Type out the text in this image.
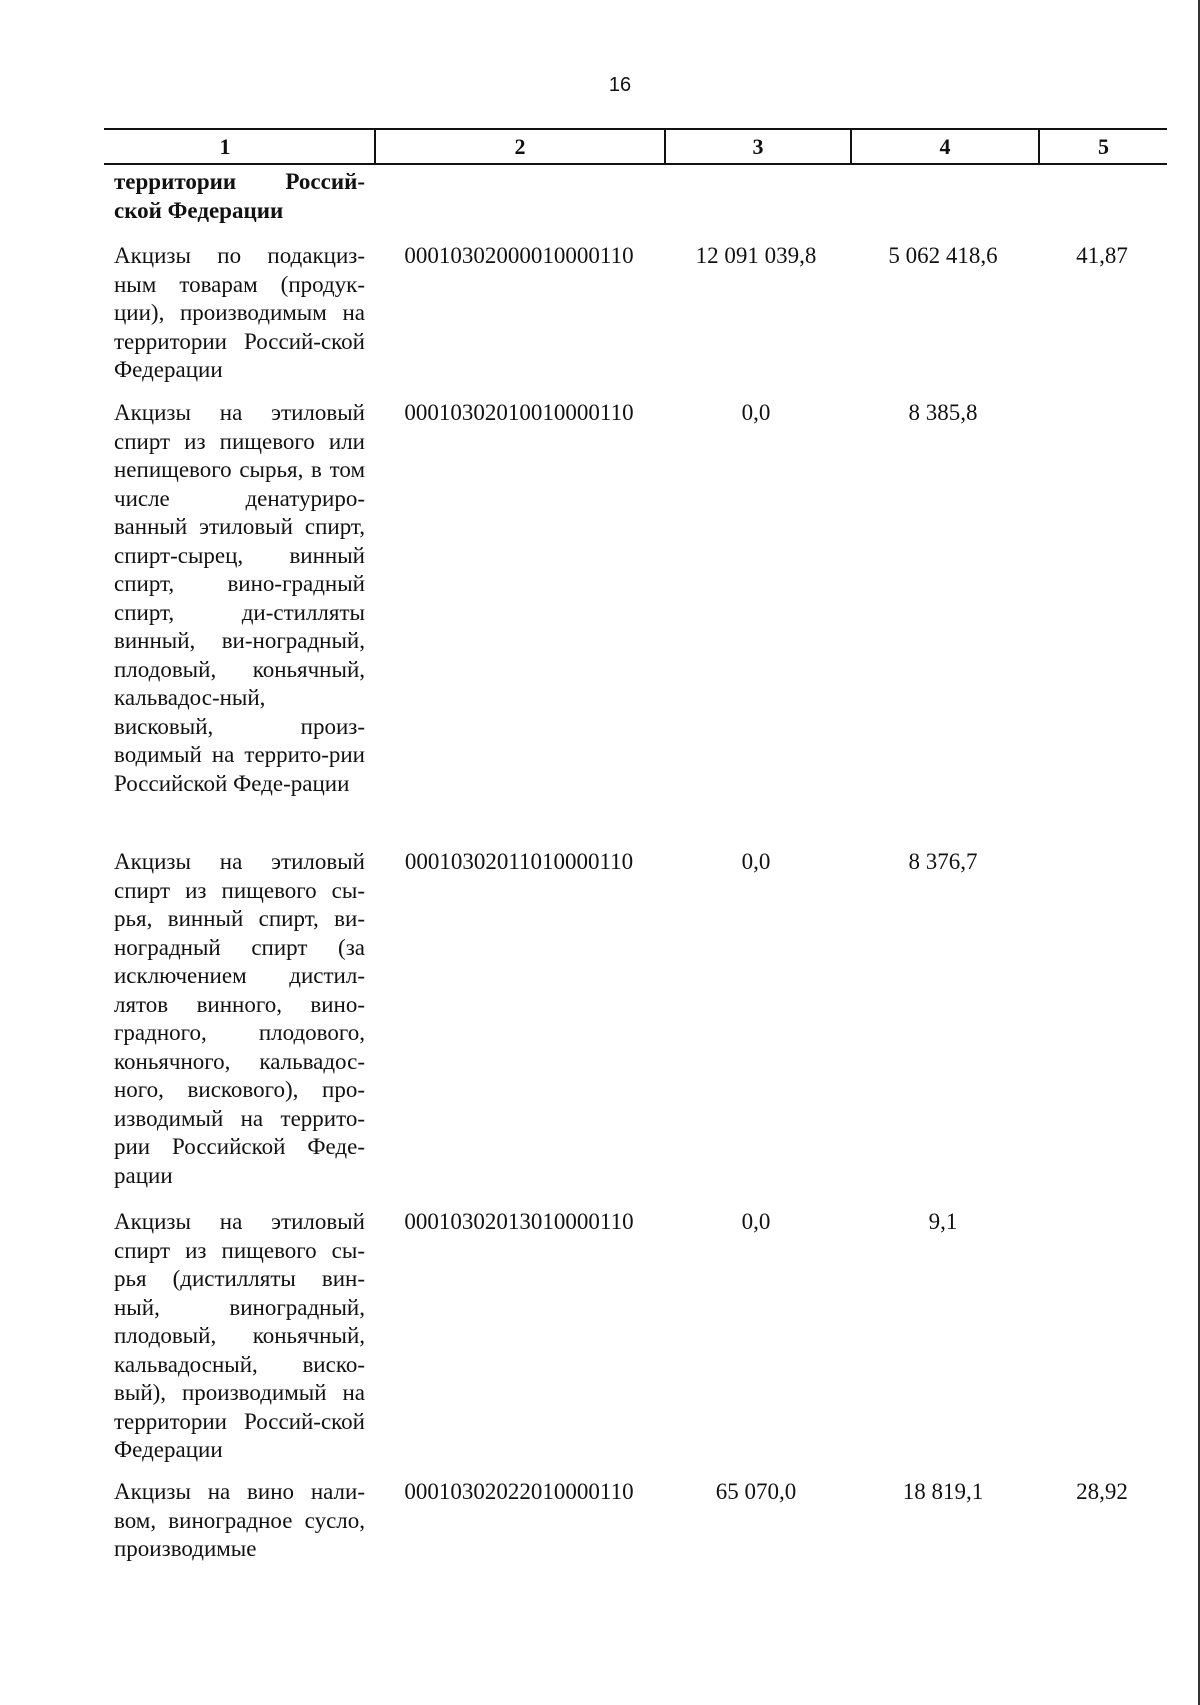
16
1	2	3	4	5
территории Россий-ской Федерации
Акцизы по подакциз-ным товарам (продук-ции), производимым на территории Россий-ской Федерации
00010302000010000110	12 091 039,8	5 062 418,6	41,87
Акцизы на этиловый спирт из пищевого или непищевого сырья, в том числе денатуриро-ванный этиловый спирт, спирт-сырец, винный спирт, вино-градный спирт, ди-стилляты винный, ви-ноградный, плодовый, коньячный, кальвадос-ный, висковый, произ-водимый на террито-рии Российской Феде-рации
00010302010010000110	0,0	8 385,8
Акцизы на этиловый спирт из пищевого сы-рья, винный спирт, ви-ноградный спирт (за исключением дистил-лятов винного, вино-градного, плодового, коньячного, кальвадос-ного, вискового), про-изводимый на террито-рии Российской Феде-рации
00010302011010000110	0,0	8 376,7
Акцизы на этиловый спирт из пищевого сы-рья (дистилляты вин-ный, виноградный, плодовый, коньячный, кальвадосный, виско-вый), производимый на территории Россий-ской Федерации
00010302013010000110	0,0	9,1
Акцизы на вино нали-вом, виноградное сусло, производимые
00010302022010000110	65 070,0	18 819,1	28,92
